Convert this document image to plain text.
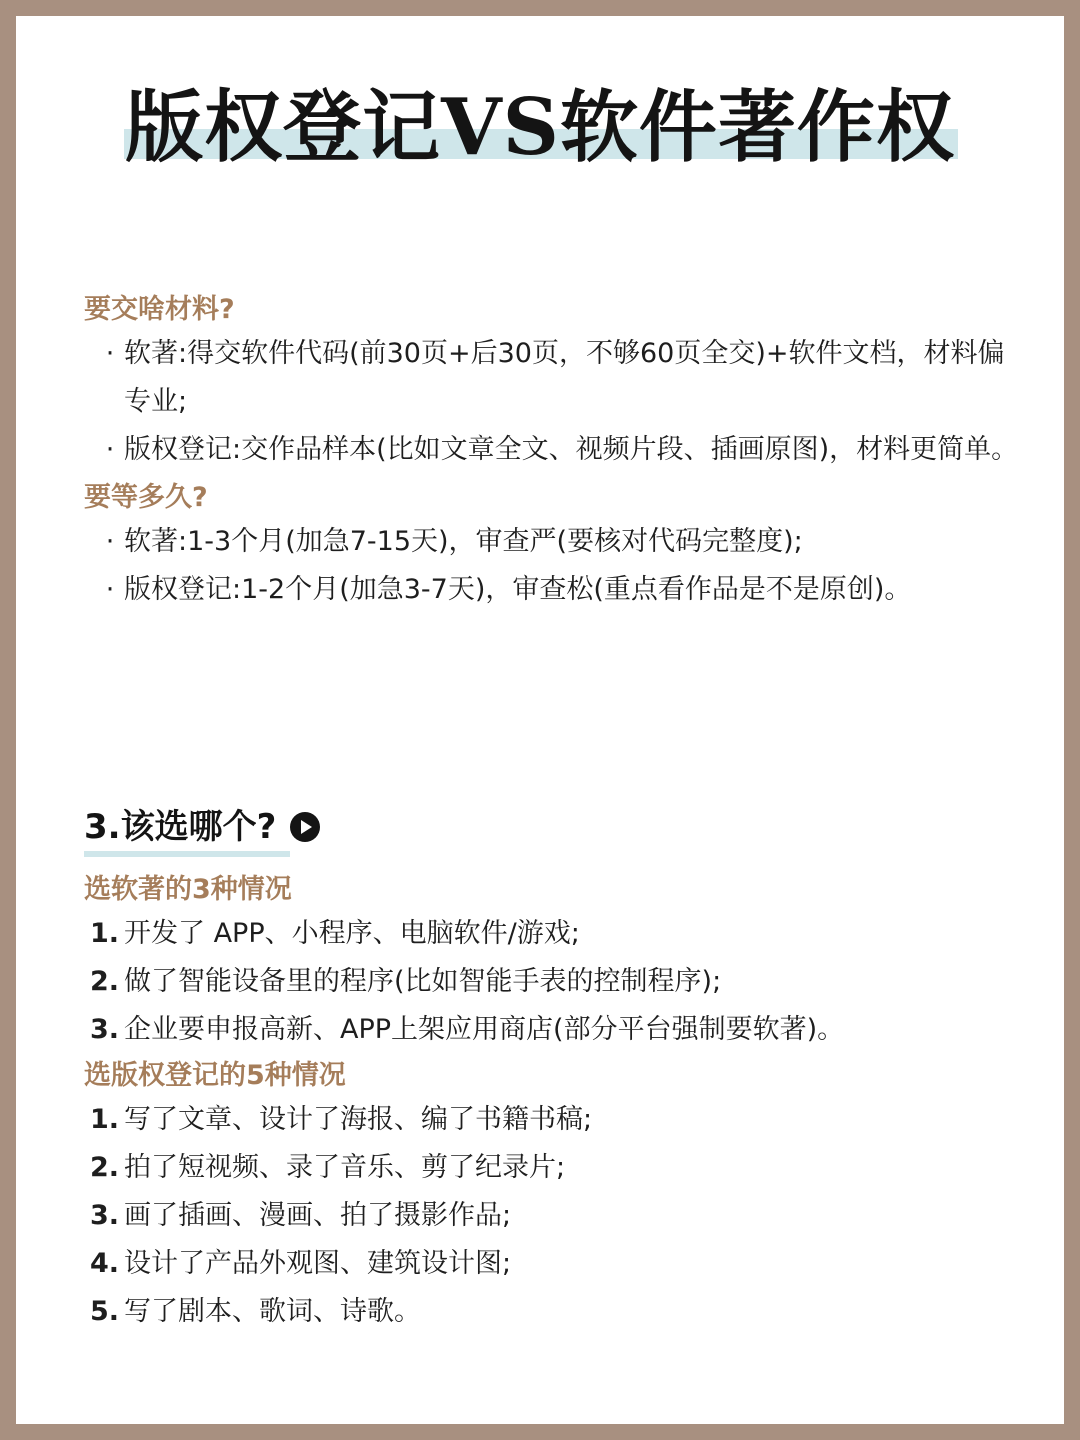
版权登记VS软件著作权
要交啥材料?
· 软著:得交软件代码(前30页+后30页，不够60页全交)+软件文档，材料偏专业;
· 版权登记:交作品样本(比如文章全文、视频片段、插画原图)，材料更简单。
要等多久?
· 软著:1-3个月(加急7-15天)，审查严(要核对代码完整度);
· 版权登记:1-2个月(加急3-7天)，审查松(重点看作品是不是原创)。
3.该选哪个?
选软著的3种情况
1. 开发了 APP、小程序、电脑软件/游戏;
2. 做了智能设备里的程序(比如智能手表的控制程序);
3. 企业要申报高新、APP上架应用商店(部分平台强制要软著)。
选版权登记的5种情况
1. 写了文章、设计了海报、编了书籍书稿;
2. 拍了短视频、录了音乐、剪了纪录片;
3. 画了插画、漫画、拍了摄影作品;
4. 设计了产品外观图、建筑设计图;
5. 写了剧本、歌词、诗歌。
